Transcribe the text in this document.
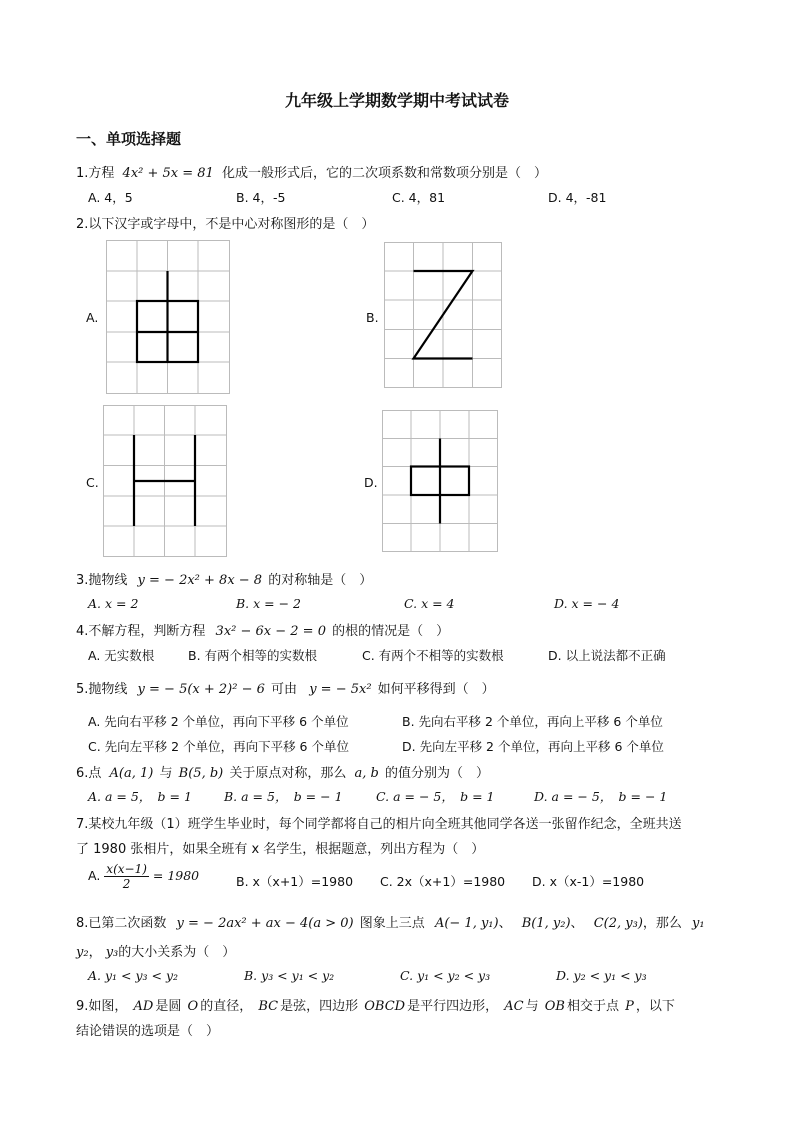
九年级上学期数学期中考试试卷
一、单项选择题
1.方程 4x² + 5x = 81 化成一般形式后，它的二次项系数和常数项分别是（　）
A. 4，5	B. 4，-5	C. 4，81	D. 4，-81
2.以下汉字或字母中，不是中心对称图形的是（　）
A.	B.
C.	D.
3.抛物线 y = − 2x² + 8x − 8 的对称轴是（　）
A. x = 2	B. x = − 2	C. x = 4	D. x = − 4
4.不解方程，判断方程 3x² − 6x − 2 = 0 的根的情况是（　）
A. 无实数根	B. 有两个相等的实数根	C. 有两个不相等的实数根	D. 以上说法都不正确
5.抛物线 y = − 5(x + 2)² − 6 可由 y = − 5x² 如何平移得到（　）
A. 先向右平移 2 个单位，再向下平移 6 个单位	B. 先向右平移 2 个单位，再向上平移 6 个单位
C. 先向左平移 2 个单位，再向下平移 6 个单位	D. 先向左平移 2 个单位，再向上平移 6 个单位
6.点 A(a, 1) 与 B(5, b) 关于原点对称，那么 a, b 的值分别为（　）
A. a = 5，　b = 1	B. a = 5，　b = − 1	C. a = − 5，　b = 1	D. a = − 5，　b = − 1
7.某校九年级（1）班学生毕业时，每个同学都将自己的相片向全班其他同学各送一张留作纪念，全班共送
了 1980 张相片，如果全班有 x 名学生，根据题意，列出方程为（　）
A. $\frac{x(x-1)}{2} = 1980$	B. x（x+1）=1980 C. 2x（x+1）=1980 D. x（x-1）=1980
8.已第二次函数 y = − 2ax² + ax − 4(a > 0) 图象上三点 A(− 1, y₁)、 B(1, y₂)、 C(2, y₃)，那么 y₁
y₂， y₃的大小关系为（　）
A. y₁ < y₃ < y₂	B. y₃ < y₁ < y₂	C. y₁ < y₂ < y₃	D. y₂ < y₁ < y₃
9.如图， AD 是圆 O 的直径， BC 是弦，四边形 OBCD 是平行四边形， AC 与 OB 相交于点 P ，以下
结论错误的选项是（　）
